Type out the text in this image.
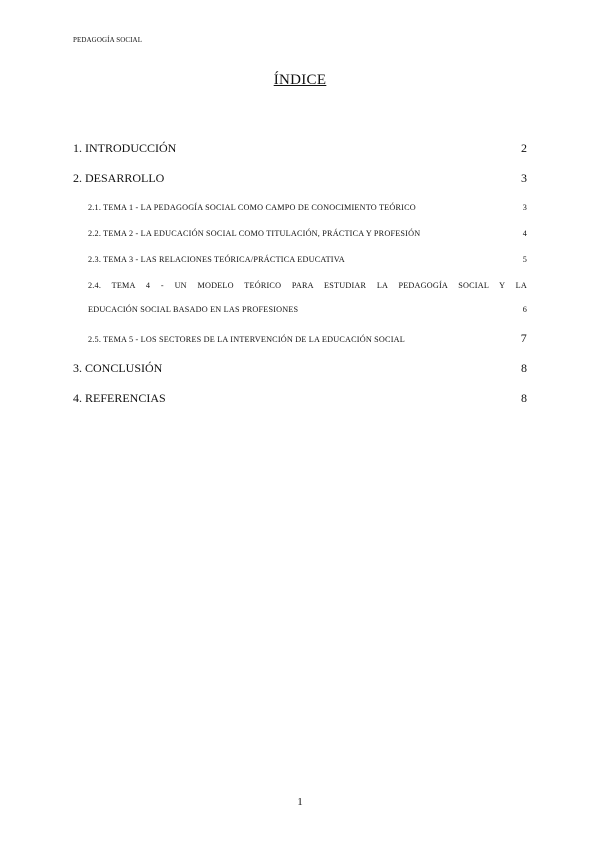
PEDAGOGÍA SOCIAL
ÍNDICE
1. INTRODUCCIÓN	2
2. DESARROLLO	3
2.1. TEMA 1 - LA PEDAGOGÍA SOCIAL COMO CAMPO DE CONOCIMIENTO TEÓRICO	3
2.2. TEMA 2 - LA EDUCACIÓN SOCIAL COMO TITULACIÓN, PRÁCTICA Y PROFESIÓN	4
2.3. TEMA 3 - LAS RELACIONES TEÓRICA/PRÁCTICA EDUCATIVA	5
2.4. TEMA 4 - UN MODELO TEÓRICO PARA ESTUDIAR LA PEDAGOGÍA SOCIAL Y LA
EDUCACIÓN SOCIAL BASADO EN LAS PROFESIONES	6
2.5. TEMA 5 - LOS SECTORES DE LA INTERVENCIÓN DE LA EDUCACIÓN SOCIAL	7
3. CONCLUSIÓN	8
4. REFERENCIAS	8
1
